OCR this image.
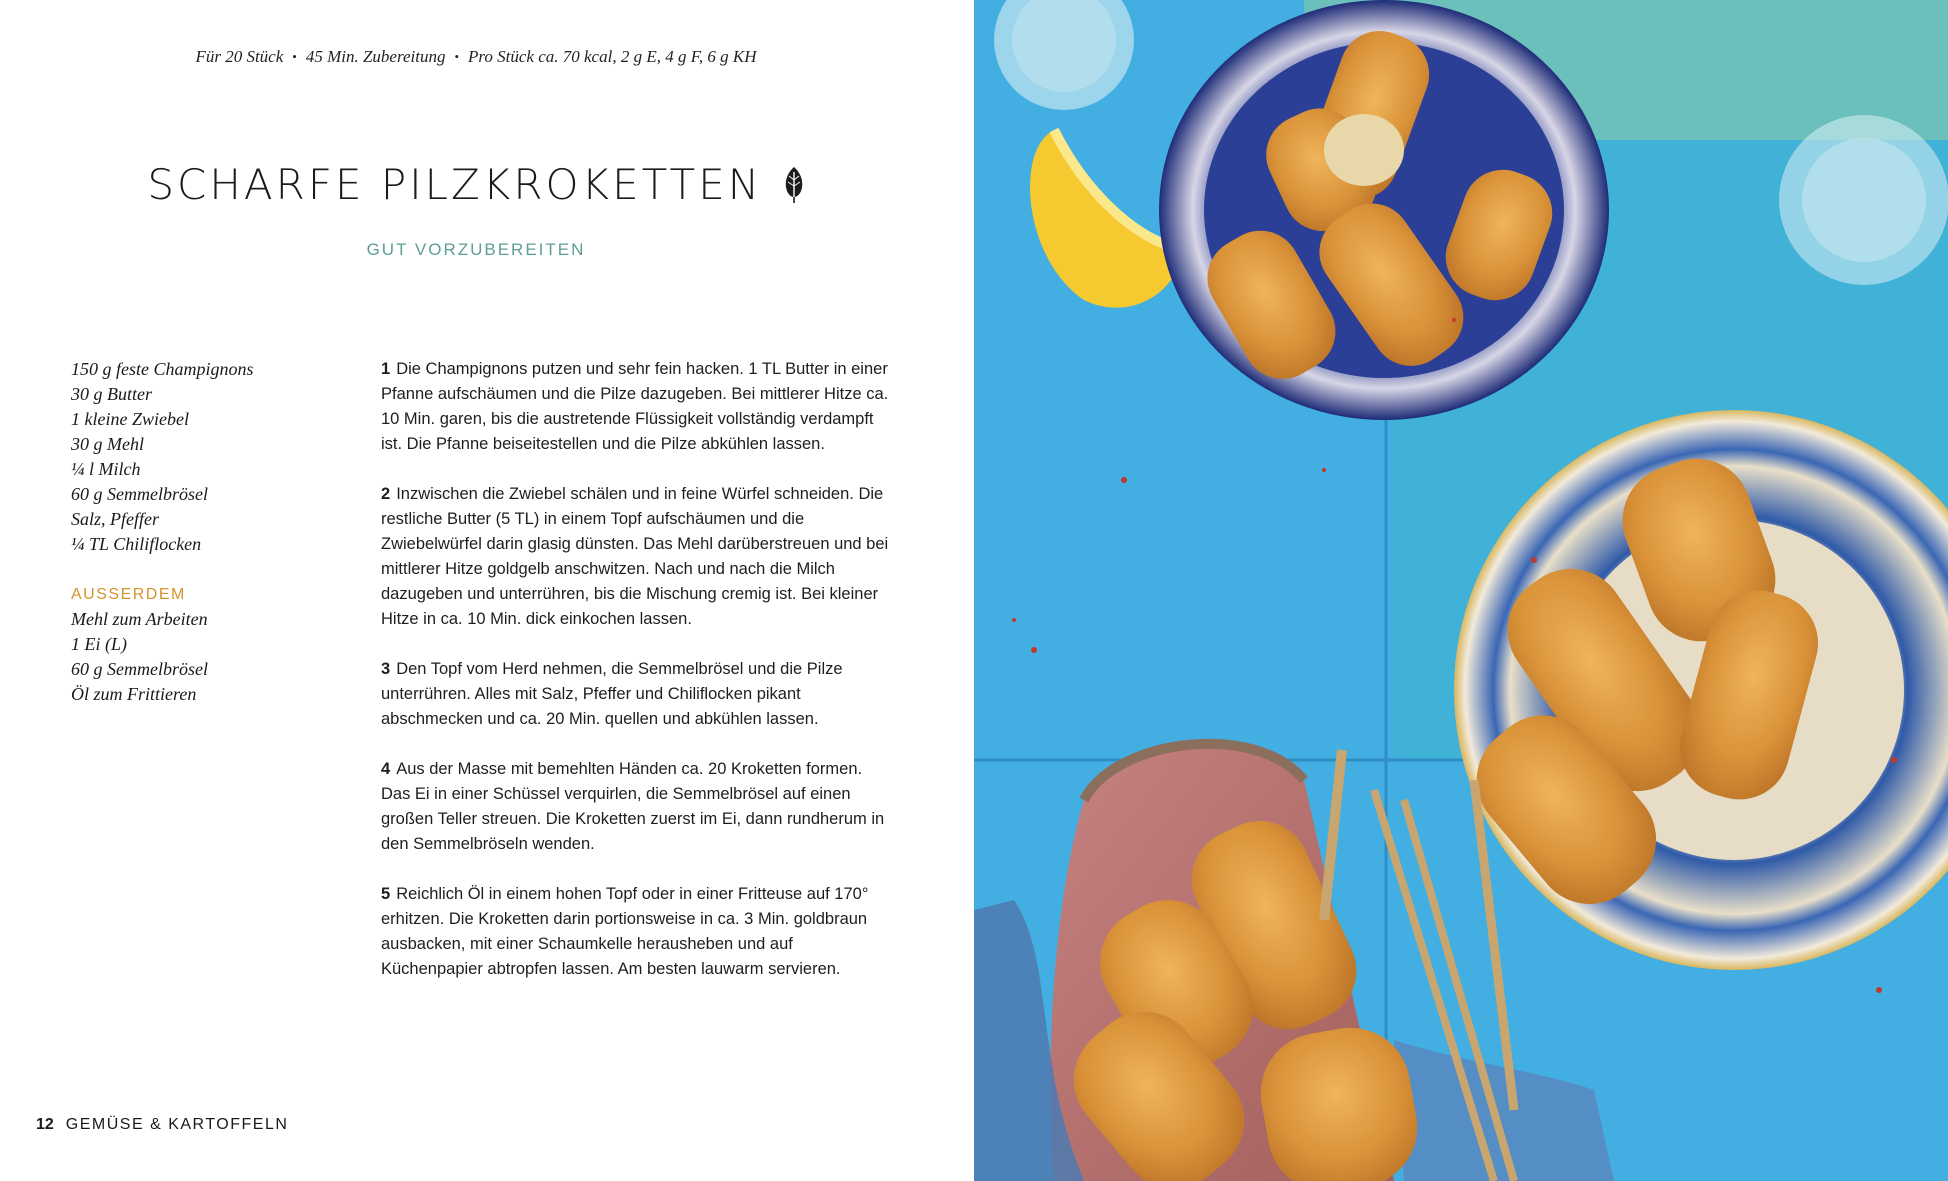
Für 20 Stück • 45 Min. Zubereitung • Pro Stück ca. 70 kcal, 2 g E, 4 g F, 6 g KH
SCHARFE PILZKROKETTEN
GUT VORZUBEREITEN
150 g feste Champignons
30 g Butter
1 kleine Zwiebel
30 g Mehl
¼ l Milch
60 g Semmelbrösel
Salz, Pfeffer
¼ TL Chiliflocken
AUSSERDEM
Mehl zum Arbeiten
1 Ei (L)
60 g Semmelbrösel
Öl zum Frittieren
1 Die Champignons putzen und sehr fein hacken. 1 TL Butter in einer Pfanne aufschäumen und die Pilze dazugeben. Bei mittlerer Hitze ca. 10 Min. garen, bis die austretende Flüssigkeit vollständig verdampft ist. Die Pfanne beiseitestellen und die Pilze abkühlen lassen.
2 Inzwischen die Zwiebel schälen und in feine Würfel schneiden. Die restliche Butter (5 TL) in einem Topf aufschäumen und die Zwiebelwürfel darin glasig dünsten. Das Mehl darüberstreuen und bei mittlerer Hitze goldgelb anschwitzen. Nach und nach die Milch dazugeben und unterrühren, bis die Mischung cremig ist. Bei kleiner Hitze in ca. 10 Min. dick einkochen lassen.
3 Den Topf vom Herd nehmen, die Semmelbrösel und die Pilze unterrühren. Alles mit Salz, Pfeffer und Chiliflocken pikant abschmecken und ca. 20 Min. quellen und abkühlen lassen.
4 Aus der Masse mit bemehlten Händen ca. 20 Kroketten formen. Das Ei in einer Schüssel verquirlen, die Semmelbrösel auf einen großen Teller streuen. Die Kroketten zuerst im Ei, dann rundherum in den Semmelbröseln wenden.
5 Reichlich Öl in einem hohen Topf oder in einer Fritteuse auf 170° erhitzen. Die Kroketten darin portionsweise in ca. 3 Min. goldbraun ausbacken, mit einer Schaumkelle herausheben und auf Küchenpapier abtropfen lassen. Am besten lauwarm servieren.
12 GEMÜSE & KARTOFFELN
